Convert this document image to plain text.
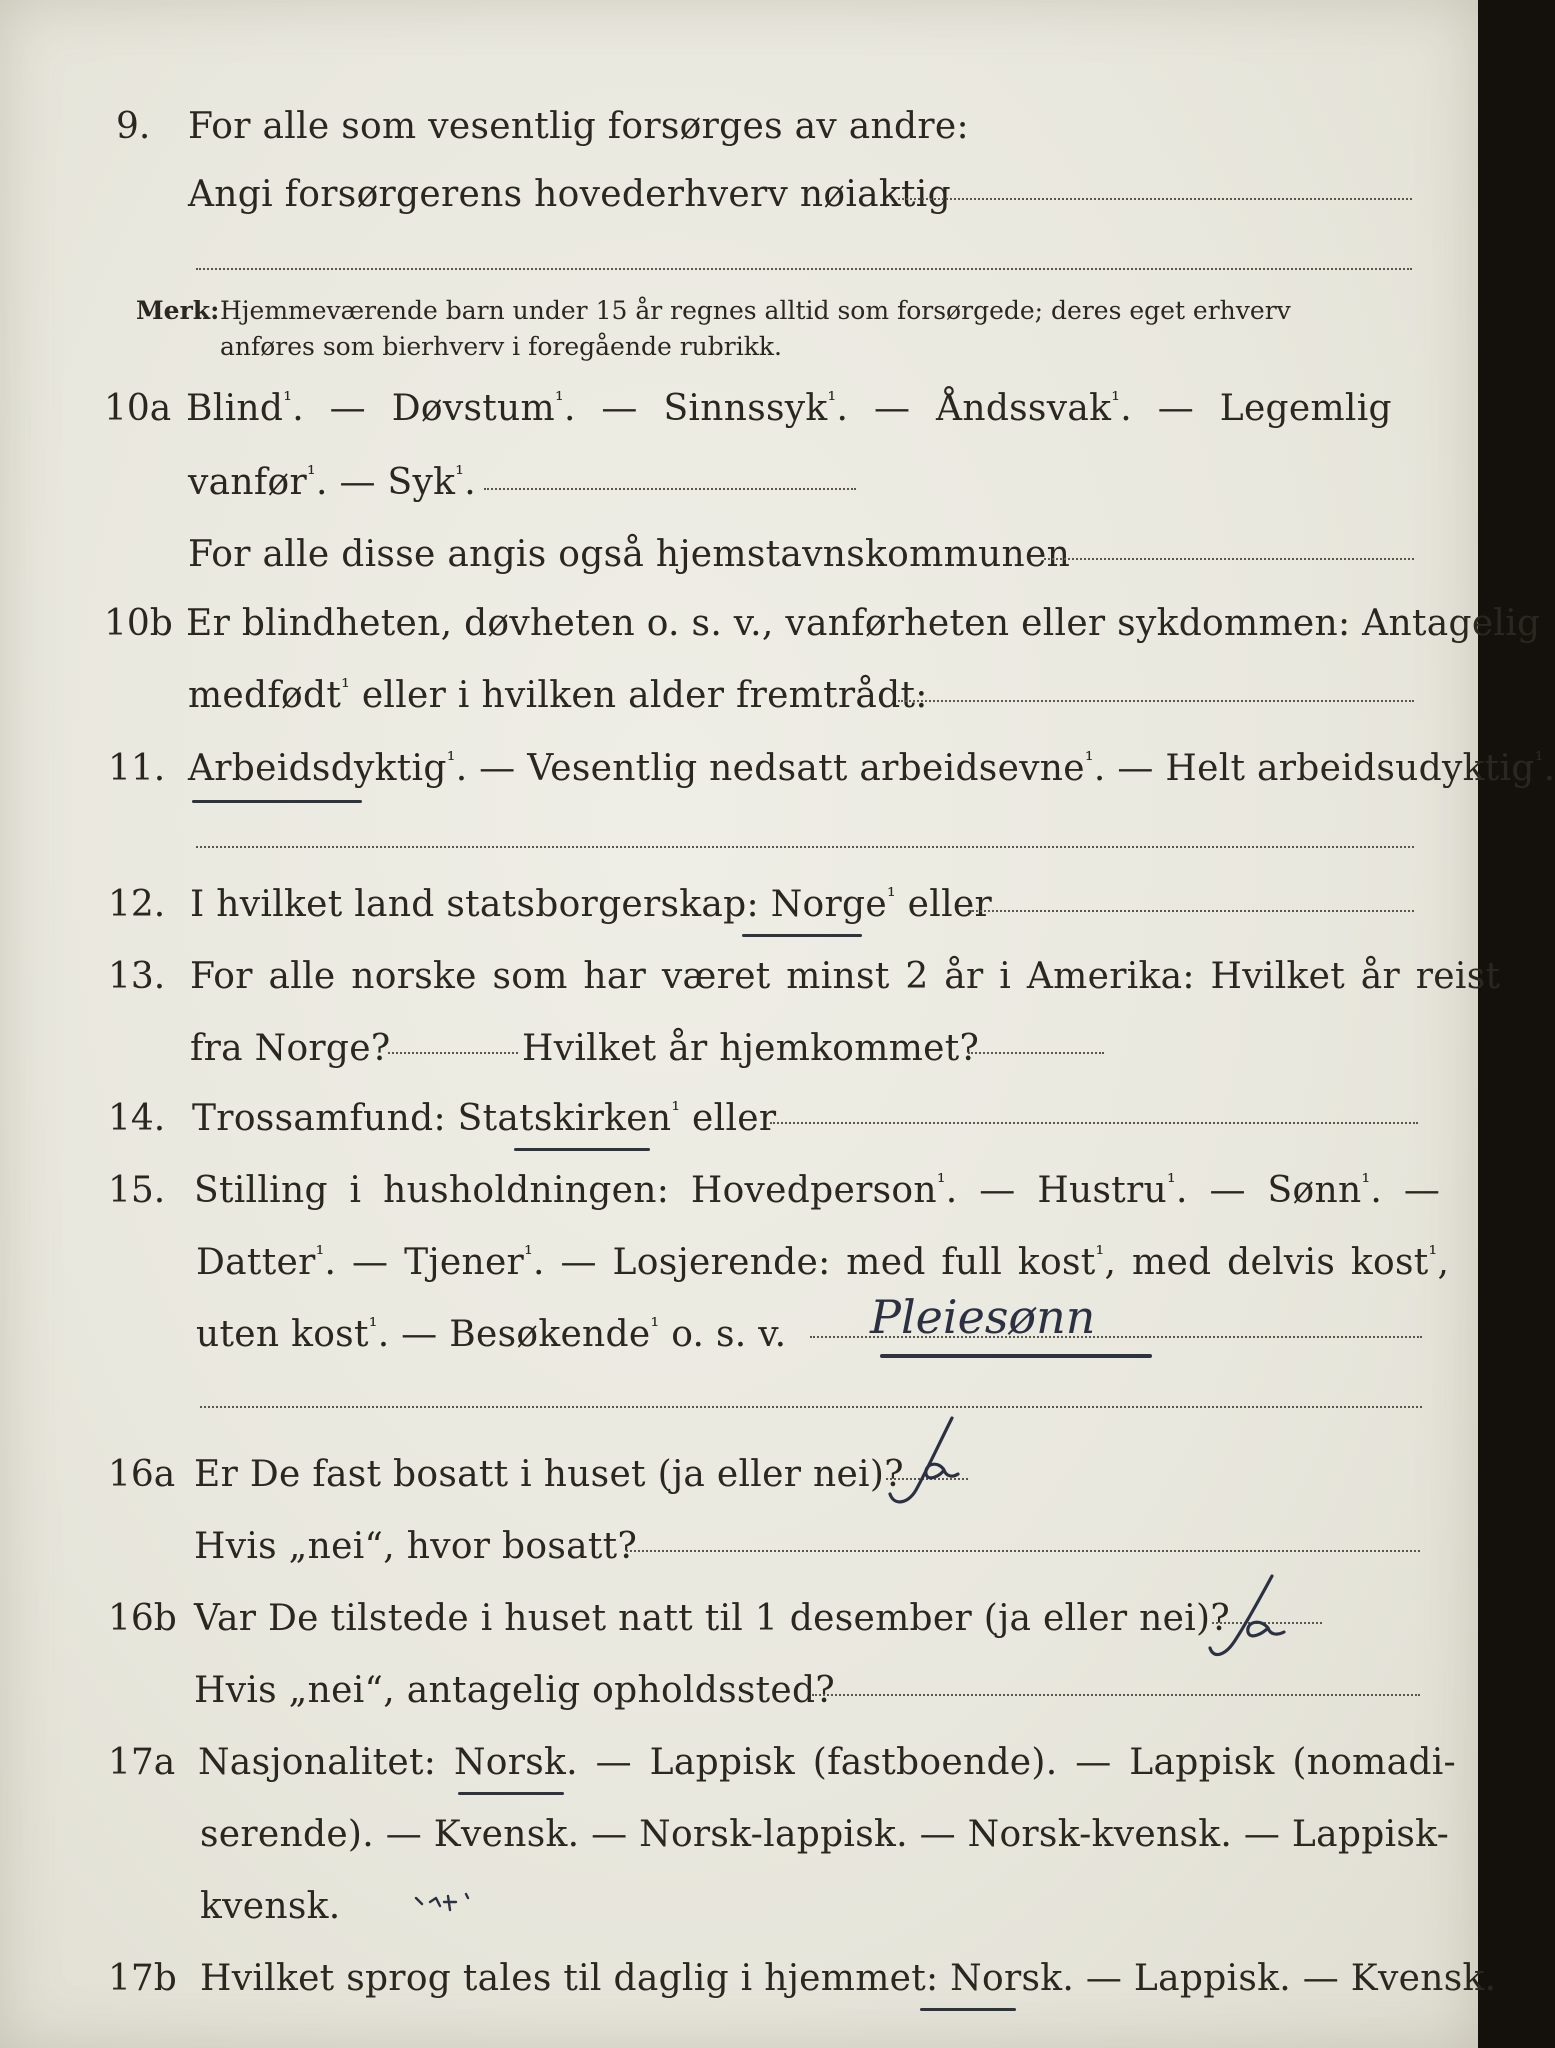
9. For alle som vesentlig forsørges av andre:
Angi forsørgerens hovederhverv nøiaktig
Merk: Hjemmeværende barn under 15 år regnes alltid som forsørgede; deres eget erhverv
anføres som bierhverv i foregående rubrikk.
10a Blind$^{^1}$. — Døvstum$^{^1}$. — Sinnssyk$^{^1}$. — Åndssvak$^{^1}$. — Legemlig
vanfør$^{^1}$. — Syk$^{^1}$.
For alle disse angis også hjemstavnskommunen
10b Er blindheten, døvheten o. s. v., vanførheten eller sykdommen: Antagelig
medfødt$^{^1}$ eller i hvilken alder fremtrådt:
11. Arbeidsdyktig$^{^1}$. — Vesentlig nedsatt arbeidsevne$^{^1}$. — Helt arbeidsudyktig$^{^1}$.
12. I hvilket land statsborgerskap: Norge$^{^1}$ eller
13. For alle norske som har været minst 2 år i Amerika: Hvilket år reist
fra Norge?	Hvilket år hjemkommet?
14. Trossamfund: Statskirken$^{^1}$ eller
15. Stilling i husholdningen: Hovedperson$^{^1}$. — Hustru$^{^1}$. — Sønn$^{^1}$. —
Datter$^{^1}$. — Tjener$^{^1}$. — Losjerende: med full kost$^{^1}$, med delvis kost$^{^1}$,
uten kost$^{^1}$. — Besøkende$^{^1}$ o. s. v. Pleiesønn
16a Er De fast bosatt i huset (ja eller nei)?
Hvis „nei“, hvor bosatt?
16b Var De tilstede i huset natt til 1 desember (ja eller nei)?
Hvis „nei“, antagelig opholdssted?
17a Nasjonalitet: Norsk. — Lappisk (fastboende). — Lappisk (nomadi-
serende). — Kvensk. — Norsk-lappisk. — Norsk-kvensk. — Lappisk-
kvensk.
17b Hvilket sprog tales til daglig i hjemmet: Norsk. — Lappisk. — Kvensk.
